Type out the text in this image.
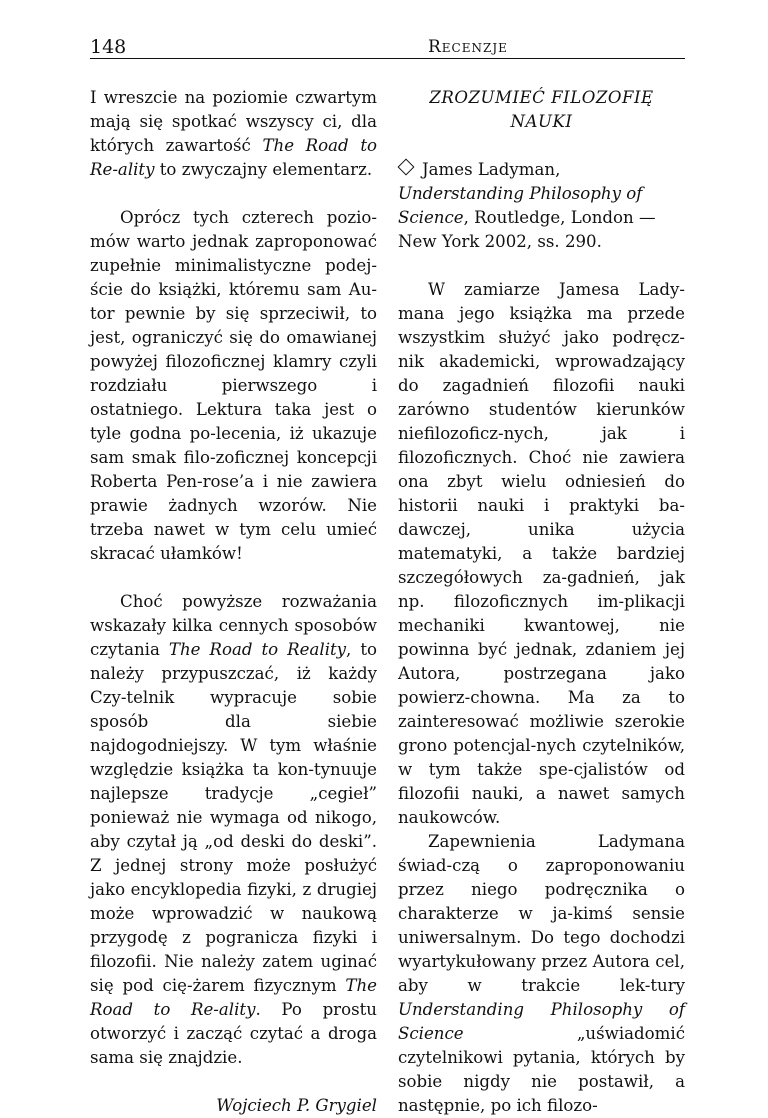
148	Recenzje

I wreszcie na poziomie czwartym mają się spotkać wszyscy ci, dla których zawartość The Road to Re-ality to zwyczajny elementarz.

Oprócz tych czterech pozio-mów warto jednak zaproponować zupełnie minimalistyczne podej-ście do książki, któremu sam Au-tor pewnie by się sprzeciwił, to jest, ograniczyć się do omawianej powyżej filozoficznej klamry czyli rozdziału pierwszego i ostatniego. Lektura taka jest o tyle godna po-lecenia, iż ukazuje sam smak filo-zoficznej koncepcji Roberta Pen-rose’a i nie zawiera prawie żadnych wzorów. Nie trzeba nawet w tym celu umieć skracać ułamków!

Choć powyższe rozważania wskazały kilka cennych sposobów czytania The Road to Reality, to należy przypuszczać, iż każdy Czy-telnik wypracuje sobie sposób dla siebie najdogodniejszy. W tym właśnie względzie książka ta kon-tynuuje najlepsze tradycje „cegieł” ponieważ nie wymaga od nikogo, aby czytał ją „od deski do deski”. Z jednej strony może posłużyć jako encyklopedia fizyki, z drugiej może wprowadzić w naukową przygodę z pogranicza fizyki i filozofii. Nie należy zatem uginać się pod cię-żarem fizycznym The Road to Re-ality. Po prostu otworzyć i zacząć czytać a droga sama się znajdzie.

Wojciech P. Grygiel

ZROZUMIEĆ FILOZOFIĘ
NAUKI

James Ladyman,
Understanding Philosophy of Science, Routledge, London — New York 2002, ss. 290.

W zamiarze Jamesa Lady-mana jego książka ma przede wszystkim służyć jako podręcz-nik akademicki, wprowadzający do zagadnień filozofii nauki zarówno studentów kierunków niefilozoficz-nych, jak i filozoficznych. Choć nie zawiera ona zbyt wielu odniesień do historii nauki i praktyki ba-dawczej, unika użycia matematyki, a także bardziej szczegółowych za-gadnień, jak np. filozoficznych im-plikacji mechaniki kwantowej, nie powinna być jednak, zdaniem jej Autora, postrzegana jako powierz-chowna. Ma za to zainteresować możliwie szerokie grono potencjal-nych czytelników, w tym także spe-cjalistów od filozofii nauki, a nawet samych naukowców.

Zapewnienia Ladymana świad-czą o zaproponowaniu przez niego podręcznika o charakterze w ja-kimś sensie uniwersalnym. Do tego dochodzi wyartykułowany przez Autora cel, aby w trakcie lek-tury Understanding Philosophy of Science „uświadomić czytelnikowi pytania, których by sobie nigdy nie postawił, a następnie, po ich filozo-
